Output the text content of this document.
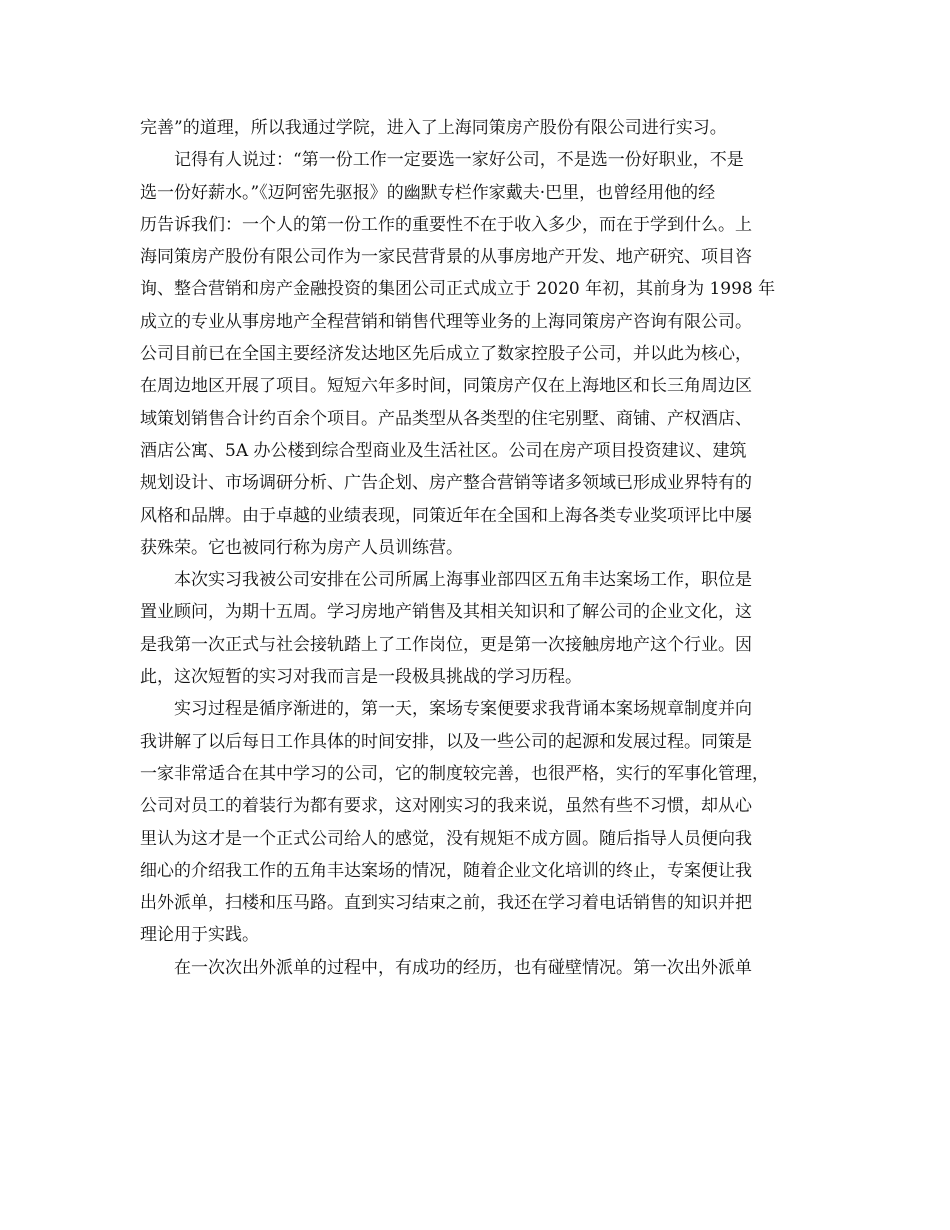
完善”的道理，所以我通过学院，进入了上海同策房产股份有限公司进行实习。
记得有人说过：“第一份工作一定要选一家好公司，不是选一份好职业，不是
选一份好薪水。”《迈阿密先驱报》的幽默专栏作家戴夫·巴里，也曾经用他的经
历告诉我们：一个人的第一份工作的重要性不在于收入多少，而在于学到什么。上
海同策房产股份有限公司作为一家民营背景的从事房地产开发、地产研究、项目咨
询、整合营销和房产金融投资的集团公司正式成立于 2020 年初，其前身为 1998 年
成立的专业从事房地产全程营销和销售代理等业务的上海同策房产咨询有限公司。
公司目前已在全国主要经济发达地区先后成立了数家控股子公司，并以此为核心，
在周边地区开展了项目。短短六年多时间，同策房产仅在上海地区和长三角周边区
域策划销售合计约百余个项目。产品类型从各类型的住宅别墅、商铺、产权酒店、
酒店公寓、5A 办公楼到综合型商业及生活社区。公司在房产项目投资建议、建筑
规划设计、市场调研分析、广告企划、房产整合营销等诸多领域已形成业界特有的
风格和品牌。由于卓越的业绩表现，同策近年在全国和上海各类专业奖项评比中屡
获殊荣。它也被同行称为房产人员训练营。
本次实习我被公司安排在公司所属上海事业部四区五角丰达案场工作，职位是
置业顾问，为期十五周。学习房地产销售及其相关知识和了解公司的企业文化，这
是我第一次正式与社会接轨踏上了工作岗位，更是第一次接触房地产这个行业。因
此，这次短暂的实习对我而言是一段极具挑战的学习历程。
实习过程是循序渐进的，第一天，案场专案便要求我背诵本案场规章制度并向
我讲解了以后每日工作具体的时间安排，以及一些公司的起源和发展过程。同策是
一家非常适合在其中学习的公司，它的制度较完善，也很严格，实行的军事化管理，
公司对员工的着装行为都有要求，这对刚实习的我来说，虽然有些不习惯，却从心
里认为这才是一个正式公司给人的感觉，没有规矩不成方圆。随后指导人员便向我
细心的介绍我工作的五角丰达案场的情况，随着企业文化培训的终止，专案便让我
出外派单，扫楼和压马路。直到实习结束之前，我还在学习着电话销售的知识并把
理论用于实践。
在一次次出外派单的过程中，有成功的经历，也有碰壁情况。第一次出外派单
